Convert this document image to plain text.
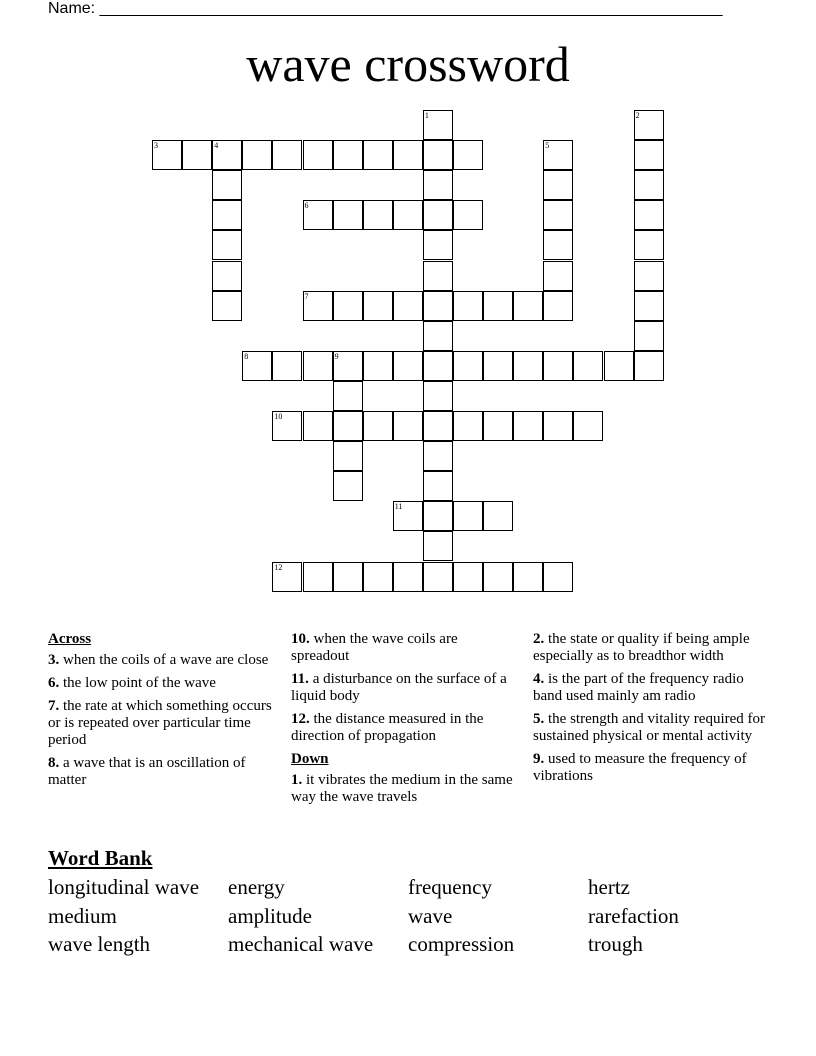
Name: ______________________________________________________________________
wave crossword
1	2
3	4	5
6
7
8	9
10
11
12
Across
3. when the coils of a wave are close
6. the low point of the wave
7. the rate at which something occurs or is repeated over particular time period
8. a wave that is an oscillation of matter
10. when the wave coils are spreadout
11. a disturbance on the surface of a liquid body
12. the distance measured in the direction of propagation
Down
1. it vibrates the medium in the same way the wave travels
2. the state or quality if being ample especially as to breadthor width
4. is the part of the frequency radio band used mainly am radio
5. the strength and vitality required for sustained physical or mental activity
9. used to measure the frequency of vibrations
Word Bank
longitudinal wave	energy	frequency	hertz
medium	amplitude	wave	rarefaction
wave length	mechanical wave	compression	trough
